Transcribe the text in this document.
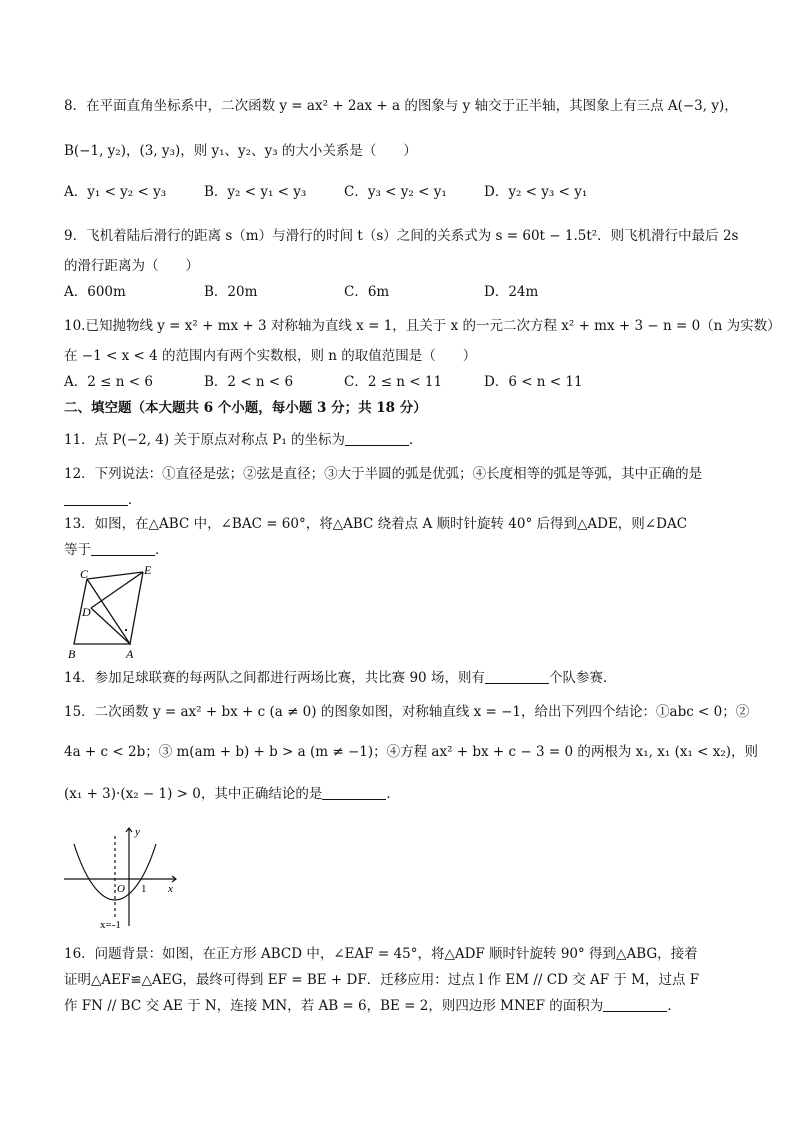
8．在平面直角坐标系中，二次函数 y = ax² + 2ax + a 的图象与 y 轴交于正半轴，其图象上有三点 A(−3, y)，
B(−1, y₂)，(3, y₃)，则 y₁、y₂、y₃ 的大小关系是（　　）
A．y₁ < y₂ < y₃	B．y₂ < y₁ < y₃	C．y₃ < y₂ < y₁	D．y₂ < y₃ < y₁
9．飞机着陆后滑行的距离 s（m）与滑行的时间 t（s）之间的关系式为 s = 60t − 1.5t²．则飞机滑行中最后 2s
的滑行距离为（　　）
A．600m	B．20m	C．6m	D．24m
10.已知抛物线 y = x² + mx + 3 对称轴为直线 x = 1，且关于 x 的一元二次方程 x² + mx + 3 − n = 0（n 为实数）
在 −1 < x < 4 的范围内有两个实数根，则 n 的取值范围是（　　）
A．2 ≤ n < 6	B．2 < n < 6	C．2 ≤ n < 11	D．6 < n < 11
二、填空题（本大题共 6 个小题，每小题 3 分；共 18 分）
11．点 P(−2, 4) 关于原点对称点 P₁ 的坐标为	．
12．下列说法：①直径是弦；②弦是直径；③大于半圆的弧是优弧；④长度相等的弧是等弧，其中正确的是
．
13．如图，在△ABC 中，∠BAC = 60°，将△ABC 绕着点 A 顺时针旋转 40° 后得到△ADE，则∠DAC
等于	．
C	E
D
B	A
14．参加足球联赛的每两队之间都进行两场比赛，共比赛 90 场，则有	个队参赛．
15．二次函数 y = ax² + bx + c (a ≠ 0) 的图象如图，对称轴直线 x = −1，给出下列四个结论：①abc < 0；②
4a + c < 2b；③ m(am + b) + b > a (m ≠ −1)；④方程 ax² + bx + c − 3 = 0 的两根为 x₁, x₁ (x₁ < x₂)，则
(x₁ + 3)·(x₂ − 1) > 0，其中正确结论的是	．
y
x
O 1
x=-1
16．问题背景：如图，在正方形 ABCD 中，∠EAF = 45°，将△ADF 顺时针旋转 90° 得到△ABG，接着
证明△AEF≌△AEG，最终可得到 EF = BE + DF．迁移应用：过点 l 作 EM // CD 交 AF 于 M，过点 F
作 FN // BC 交 AE 于 N，连接 MN，若 AB = 6，BE = 2，则四边形 MNEF 的面积为	．
